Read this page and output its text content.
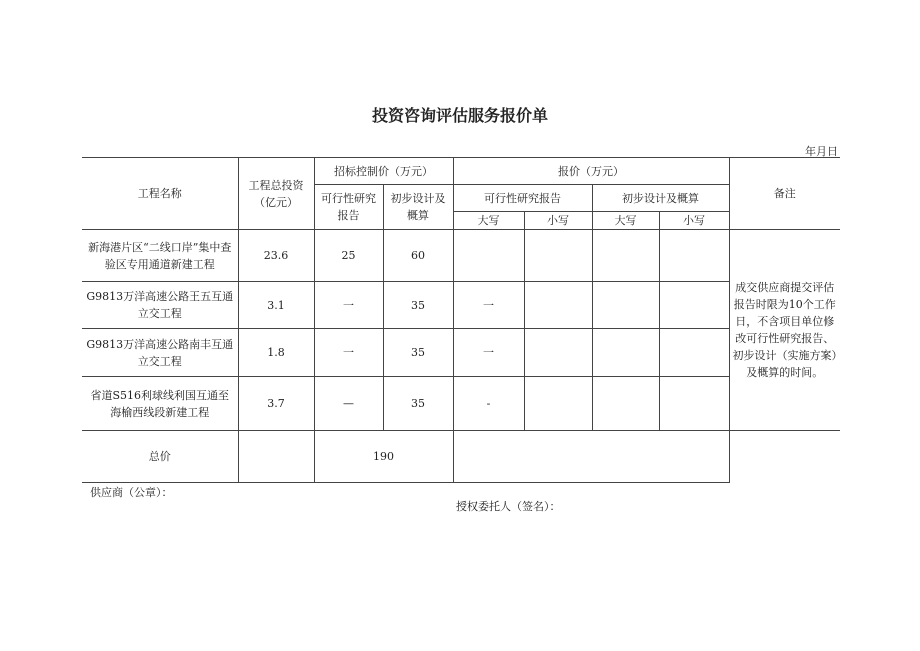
投资咨询评估服务报价单
年月日
工程名称	工程总投资（亿元）	招标控制价（万元）		报价（万元）				备注
		可行性研究报告	初步设计及概算	可行性研究报告		初步设计及概算		
				大写	小写	大写	小写	
新海港片区“二线口岸”集中查验区专用通道新建工程	23.6	25	60					成交供应商提交评估报告时限为10个工作日，不含项目单位修改可行性研究报告、初步设计（实施方案）及概算的时间。
G9813万洋高速公路王五互通立交工程	3.1	一	35	一				
G9813万洋高速公路南丰互通立交工程	1.8	一	35	一				
省道S516利球线利国互通至海榆西线段新建工程	3.7	—	35	-				
总价		190						
供应商（公章）：
授权委托人（签名）：
